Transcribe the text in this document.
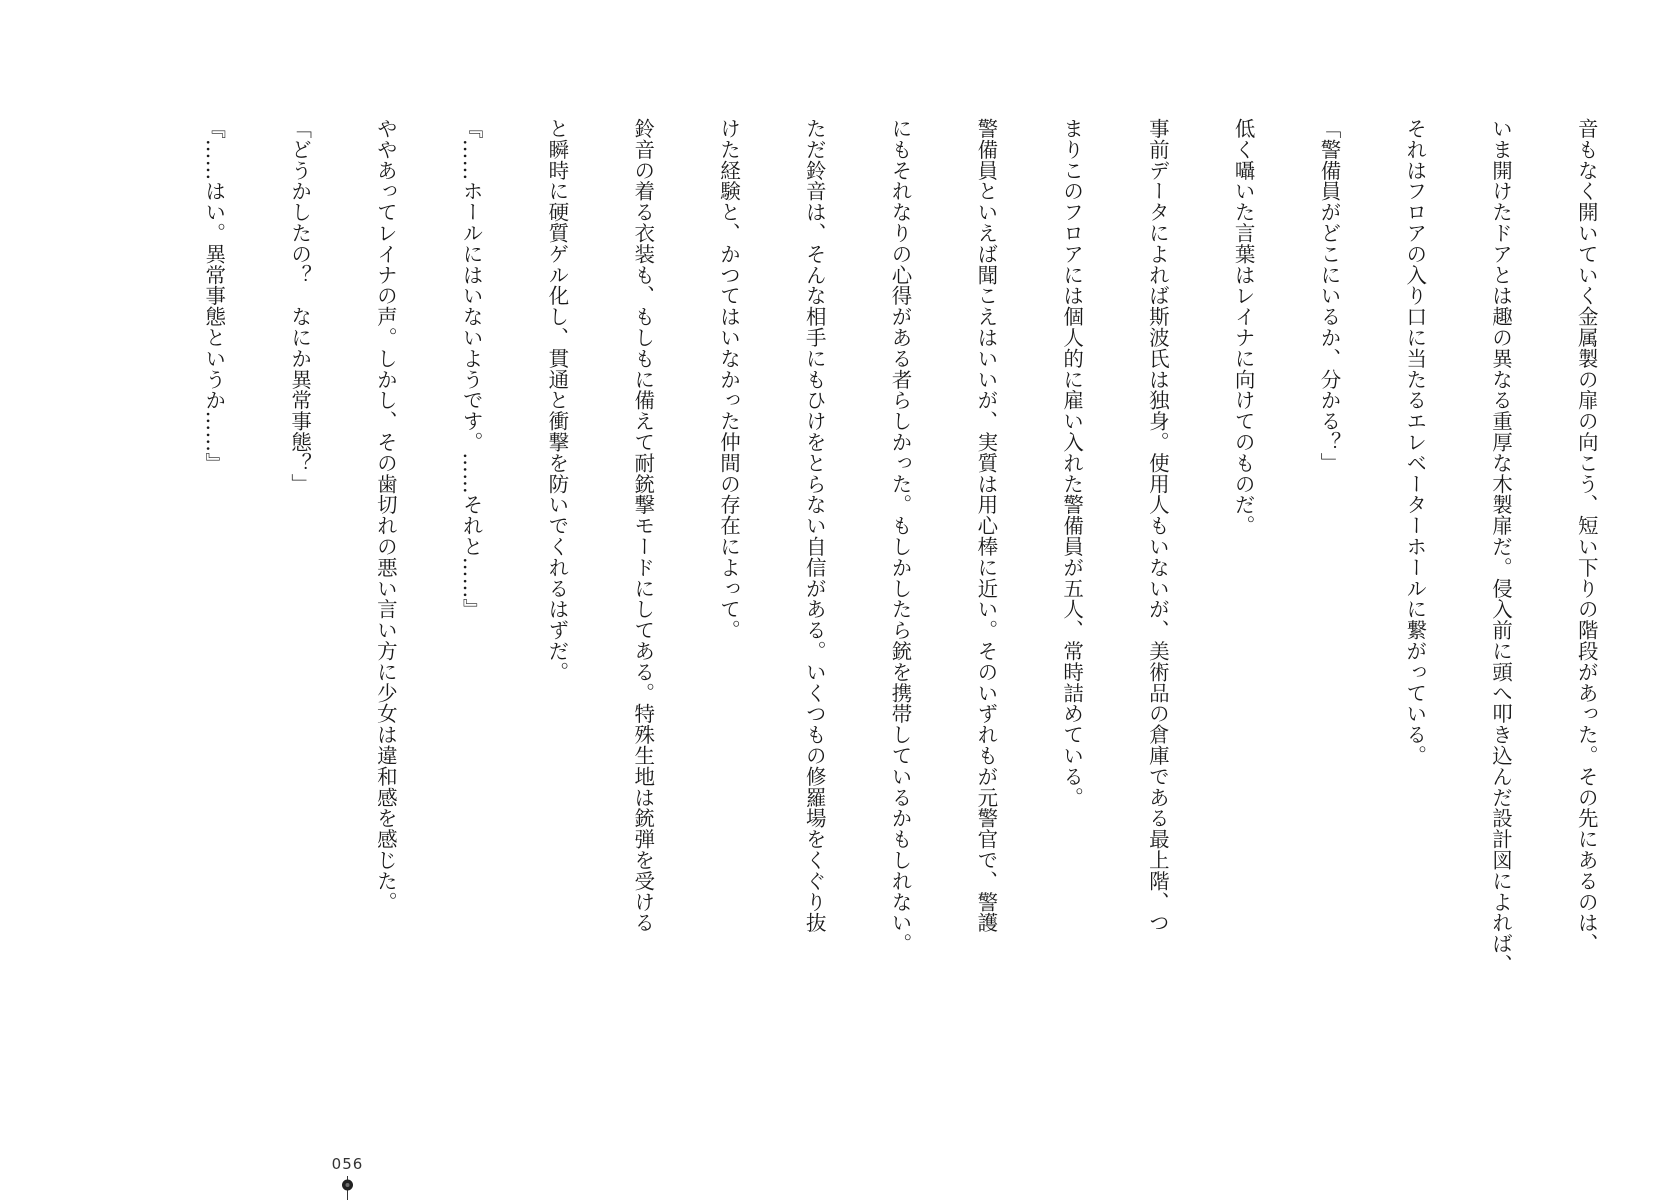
音もなく開いていく金属製の扉の向こう、短い下りの階段があった。その先にあるのは、

いま開けたドアとは趣の異なる重厚な木製扉だ。侵入前に頭へ叩き込んだ設計図によれば、

それはフロアの入り口に当たるエレベーターホールに繋がっている。

「警備員がどこにいるか、分かる？」

低く囁いた言葉はレイナに向けてのものだ。

事前データによれば斯波氏は独身。使用人もいないが、美術品の倉庫である最上階、つ

まりこのフロアには個人的に雇い入れた警備員が五人、常時詰めている。

警備員といえば聞こえはいいが、実質は用心棒に近い。そのいずれもが元警官で、警護

にもそれなりの心得がある者らしかった。もしかしたら銃を携帯しているかもしれない。

ただ鈴音は、そんな相手にもひけをとらない自信がある。いくつもの修羅場をくぐり抜

けた経験と、かつてはいなかった仲間の存在によって。

鈴音の着る衣装も、もしもに備えて耐銃撃モードにしてある。特殊生地は銃弾を受ける

と瞬時に硬質ゲル化し、貫通と衝撃を防いでくれるはずだ。

『……ホールにはいないようです。……それと……』

ややあってレイナの声。しかし、その歯切れの悪い言い方に少女は違和感を感じた。

「どうかしたの？　なにか異常事態？」

『……はい。異常事態というか……』

056
